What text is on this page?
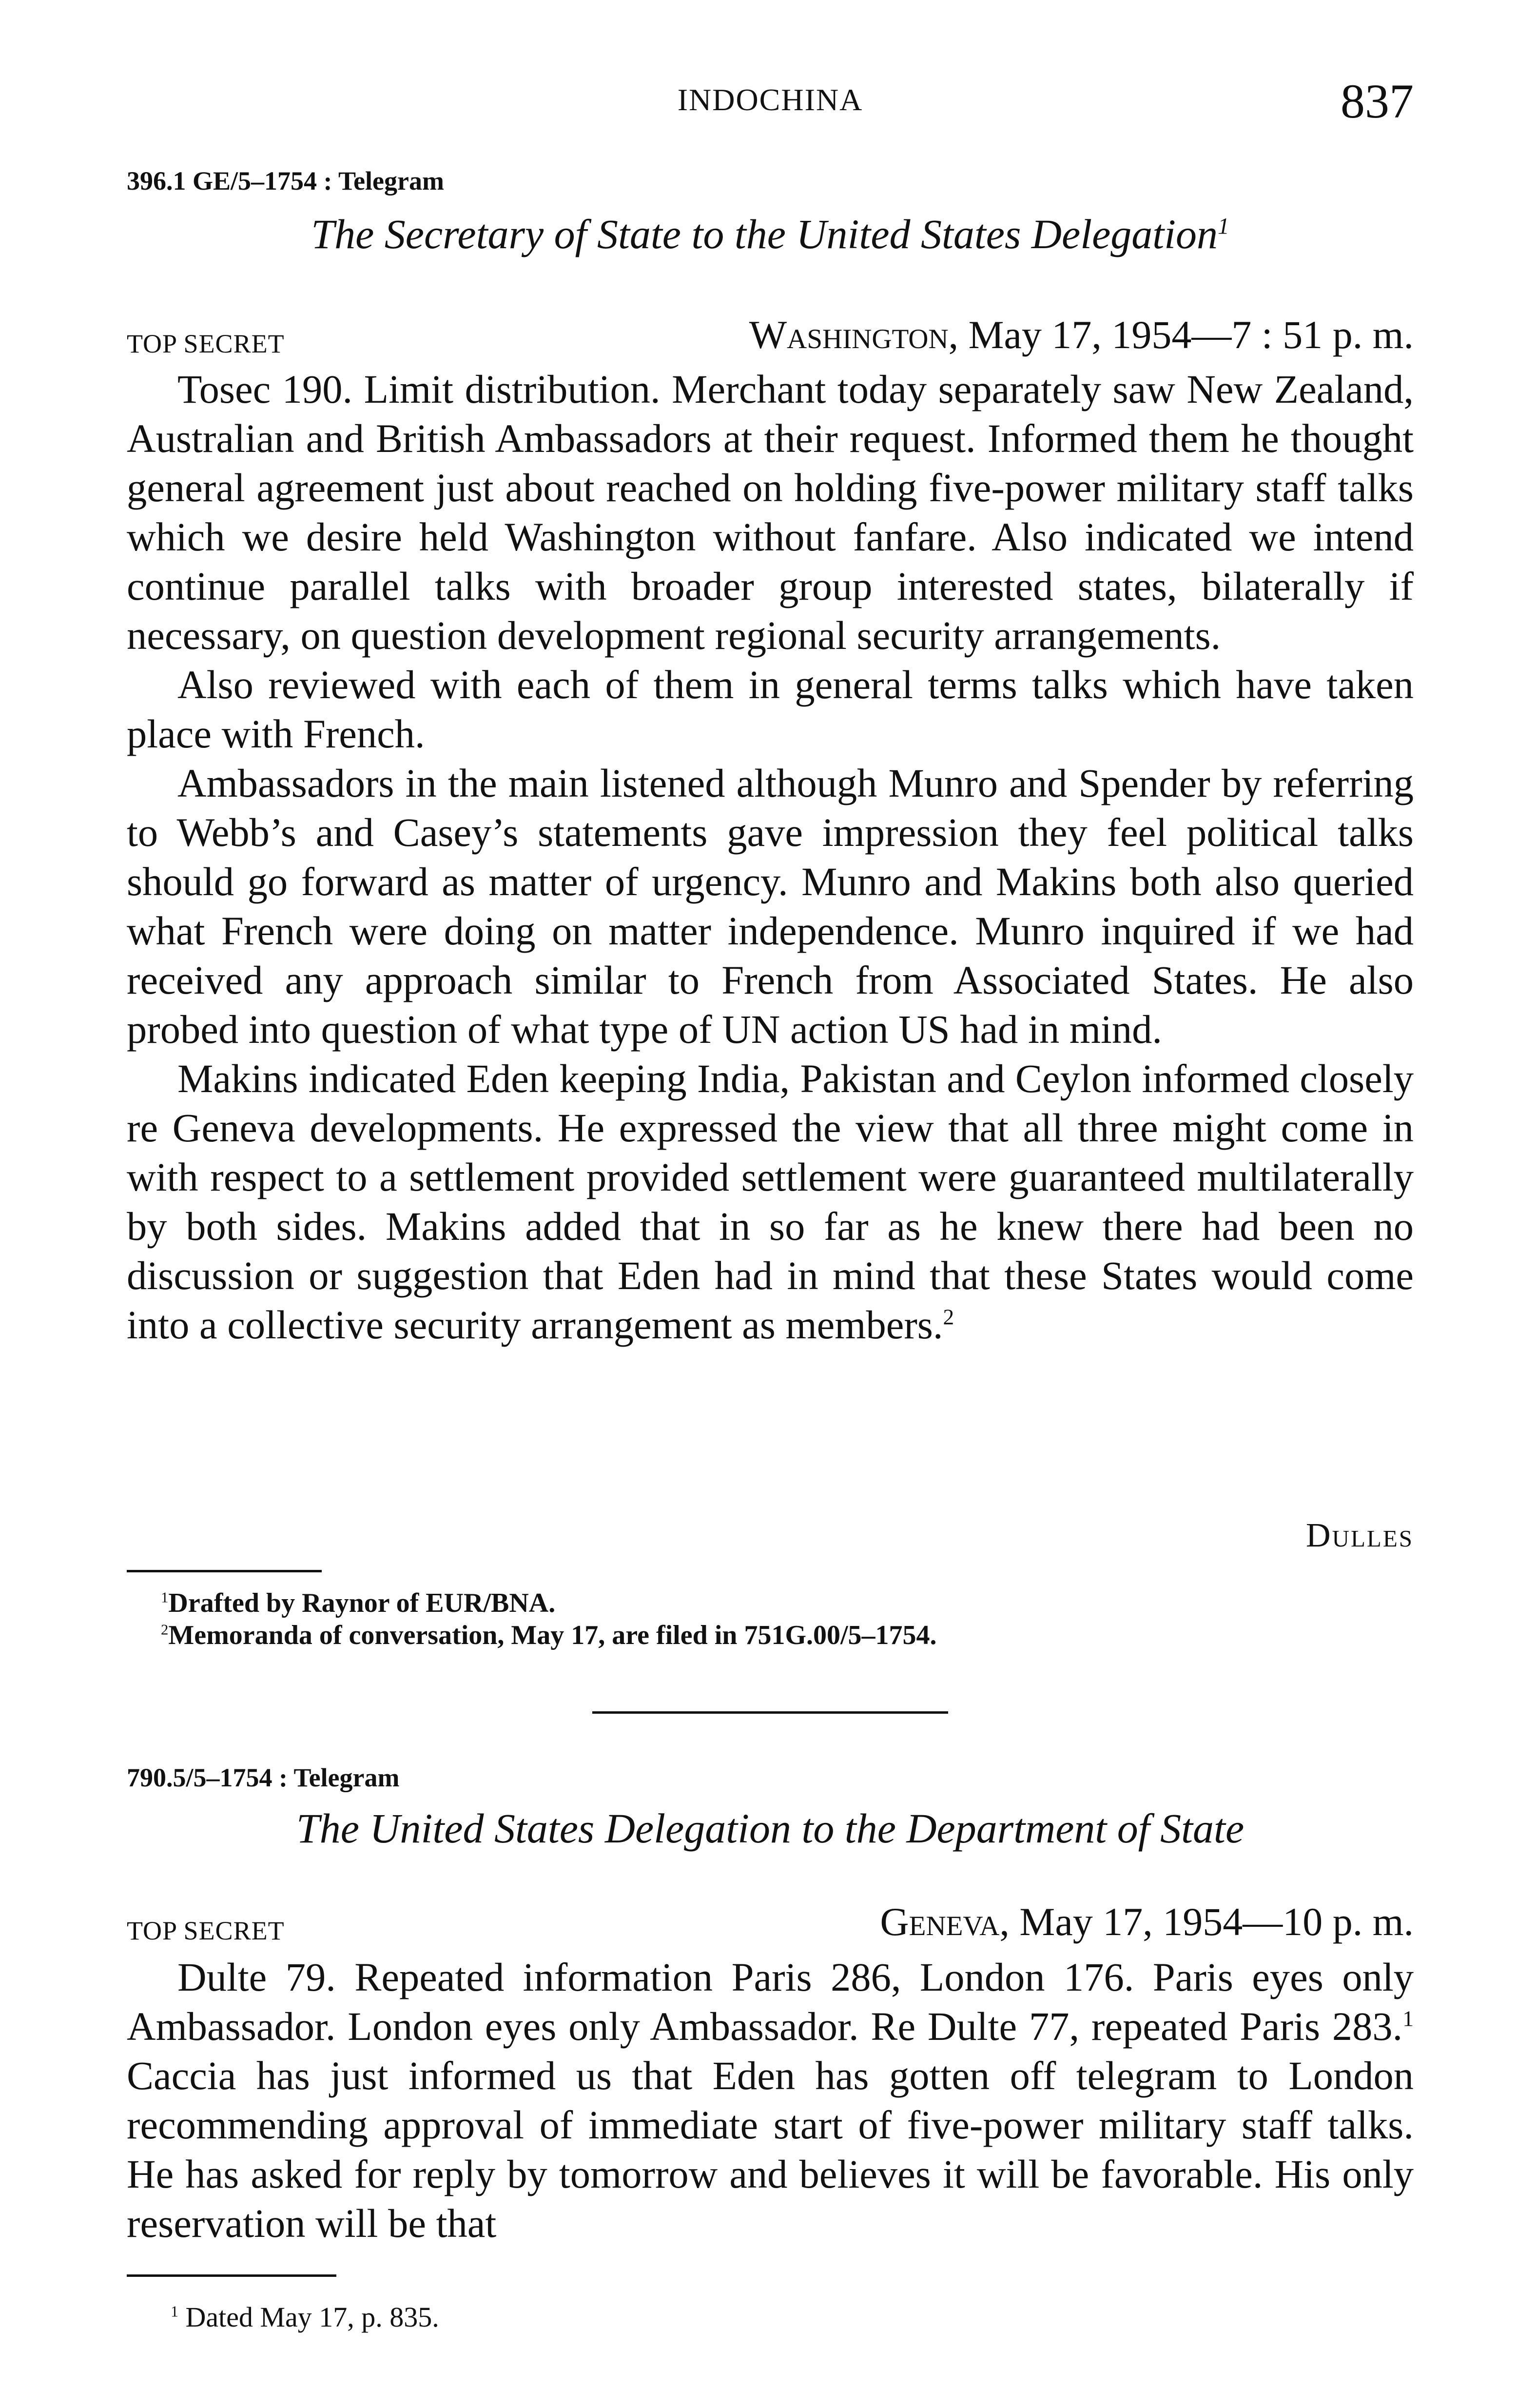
INDOCHINA	837
396.1 GE/5–1754 : Telegram
The Secretary of State to the United States Delegation$^1$
TOP SECRET	Washington, May 17, 1954—7 : 51 p. m.

Tosec 190. Limit distribution. Merchant today separately saw New Zealand, Australian and British Ambassadors at their request. Informed them he thought general agreement just about reached on holding five-power military staff talks which we desire held Washington without fanfare. Also indicated we intend continue parallel talks with broader group interested states, bilaterally if necessary, on question development regional security arrangements.

Also reviewed with each of them in general terms talks which have taken place with French.

Ambassadors in the main listened although Munro and Spender by referring to Webb’s and Casey’s statements gave impression they feel political talks should go forward as matter of urgency. Munro and Makins both also queried what French were doing on matter independence. Munro inquired if we had received any approach similar to French from Associated States. He also probed into question of what type of UN action US had in mind.

Makins indicated Eden keeping India, Pakistan and Ceylon informed closely re Geneva developments. He expressed the view that all three might come in with respect to a settlement provided settlement were guaranteed multilaterally by both sides. Makins added that in so far as he knew there had been no discussion or suggestion that Eden had in mind that these States would come into a collective security arrangement as members.$^2$

Dulles

$^1$Drafted by Raynor of EUR/BNA.

$^2$Memoranda of conversation, May 17, are filed in 751G.00/5–1754.

790.5/5–1754 : Telegram
The United States Delegation to the Department of State
TOP SECRET	Geneva, May 17, 1954—10 p. m.

Dulte 79. Repeated information Paris 286, London 176. Paris eyes only Ambassador. London eyes only Ambassador. Re Dulte 77, repeated Paris 283.$^1$ Caccia has just informed us that Eden has gotten off telegram to London recommending approval of immediate start of five-power military staff talks. He has asked for reply by tomorrow and believes it will be favorable. His only reservation will be that

$^1$ Dated May 17, p. 835.
